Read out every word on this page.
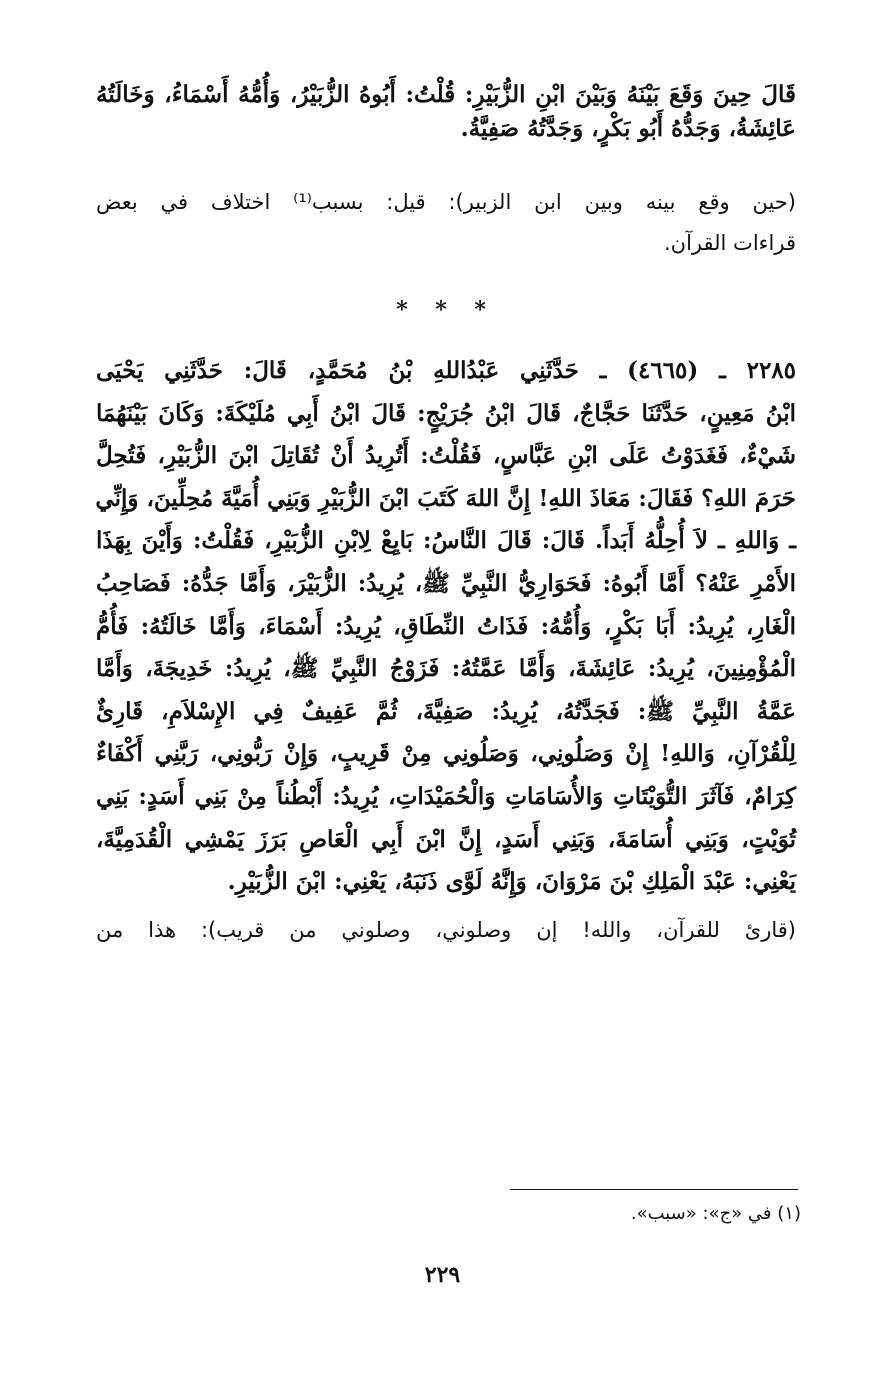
قَالَ حِينَ وَقَعَ بَيْنَهُ وَبَيْنَ ابْنِ الزُّبَيْرِ: قُلْتُ: أَبُوهُ الزُّبَيْرُ، وَأُمُّهُ أَسْمَاءُ، وَخَالَتُهُ
عَائِشَةُ، وَجَدُّهُ أَبُو بَكْرٍ، وَجَدَّتُهُ صَفِيَّةُ.
(حين وقع بينه وبين ابن الزبير): قيل: بسبب⁽¹⁾ اختلاف في بعض
قراءات القرآن.
* * *
٢٢٨٥ ـ (٤٦٦٥) ـ حَدَّثَنِي عَبْدُاللهِ بْنُ مُحَمَّدٍ، قَالَ: حَدَّثَنِي يَحْيَى
ابْنُ مَعِينٍ، حَدَّثَنَا حَجَّاجٌ، قَالَ ابْنُ جُرَيْجٍ: قَالَ ابْنُ أَبِي مُلَيْكَةَ: وَكَانَ بَيْنَهُمَا
شَيْءٌ، فَغَدَوْتُ عَلَى ابْنِ عَبَّاسٍ، فَقُلْتُ: أَتُرِيدُ أَنْ تُقَاتِلَ ابْنَ الزُّبَيْرِ، فَتُحِلَّ
حَرَمَ اللهِ؟ فَقَالَ: مَعَاذَ اللهِ! إِنَّ اللهَ كَتَبَ ابْنَ الزُّبَيْرِ وَبَنِي أُمَيَّةَ مُحِلِّينَ، وَإِنِّي
ـ وَاللهِ ـ لاَ أُحِلُّهُ أَبَداً. قَالَ: قَالَ النَّاسُ: بَايِعْ لِابْنِ الزُّبَيْرِ، فَقُلْتُ: وَأَيْنَ بِهَذَا
الأَمْرِ عَنْهُ؟ أَمَّا أَبُوهُ: فَحَوَارِيُّ النَّبِيِّ ﷺ، يُرِيدُ: الزُّبَيْرَ، وَأَمَّا جَدُّهُ: فَصَاحِبُ
الْغَارِ، يُرِيدُ: أَبَا بَكْرٍ، وَأُمُّهُ: فَذَاتُ النِّطَاقِ، يُرِيدُ: أَسْمَاءَ، وَأَمَّا خَالَتُهُ: فَأُمُّ
الْمُؤْمِنِينَ، يُرِيدُ: عَائِشَةَ، وَأَمَّا عَمَّتُهُ: فَزَوْجُ النَّبِيِّ ﷺ، يُرِيدُ: خَدِيجَةَ، وَأَمَّا
عَمَّةُ النَّبِيِّ ﷺ: فَجَدَّتُهُ، يُرِيدُ: صَفِيَّةَ، ثُمَّ عَفِيفٌ فِي الإِسْلاَمِ، قَارِئٌ
لِلْقُرْآنِ، وَاللهِ! إِنْ وَصَلُونِي، وَصَلُونِي مِنْ قَرِيبٍ، وَإِنْ رَبُّونِي، رَبَّنِي أَكْفَاءٌ
كِرَامٌ، فَآثَرَ التُّوَيْتَاتِ وَالأُسَامَاتِ وَالْحُمَيْدَاتِ، يُرِيدُ: أَبْطُناً مِنْ بَنِي أَسَدٍ: بَنِي
تُوَيْتٍ، وَبَنِي أُسَامَةَ، وَبَنِي أَسَدٍ، إِنَّ ابْنَ أَبِي الْعَاصِ بَرَزَ يَمْشِي الْقُدَمِيَّةَ،
يَعْنِي: عَبْدَ الْمَلِكِ بْنَ مَرْوَانَ، وَإِنَّهُ لَوَّى ذَنَبَهُ، يَعْنِي: ابْنَ الزُّبَيْرِ.
(قارئ للقرآن، والله! إن وصلوني، وصلوني من قريب): هذا من
(١) في «ج»: «سبب».
٢٢٩
